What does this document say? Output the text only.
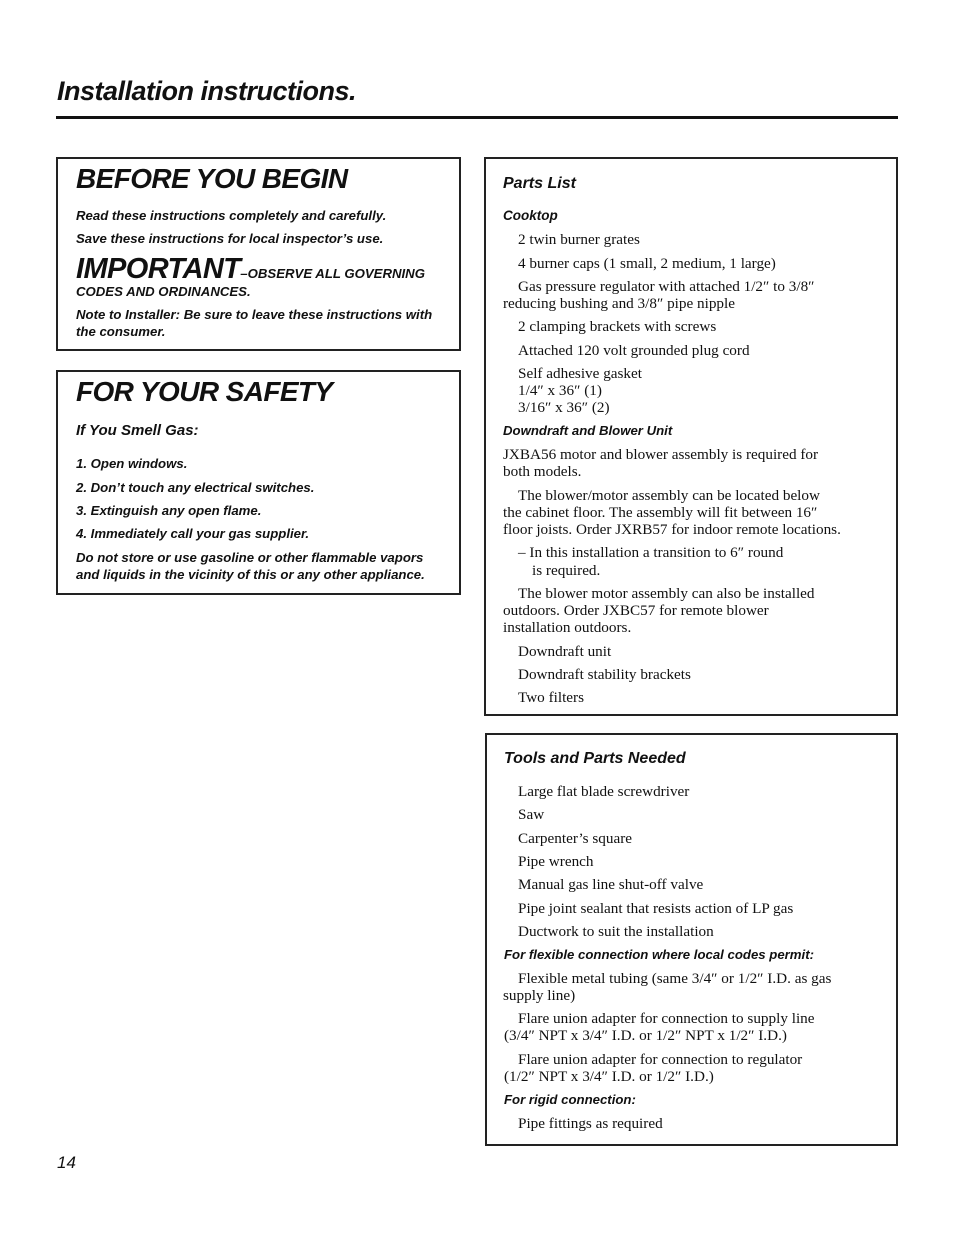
Installation instructions.
BEFORE YOU BEGIN

Read these instructions completely and carefully.

Save these instructions for local inspector’s use.

IMPORTANT–OBSERVE ALL GOVERNING

CODES AND ORDINANCES.

Note to Installer: Be sure to leave these instructions with the consumer.

FOR YOUR SAFETY

If You Smell Gas:

1. Open windows.

2. Don’t touch any electrical switches.

3. Extinguish any open flame.

4. Immediately call your gas supplier.

Do not store or use gasoline or other flammable vapors and liquids in the vicinity of this or any other appliance.

Parts List

Cooktop

2 twin burner grates

4 burner caps (1 small, 2 medium, 1 large)

Gas pressure regulator with attached 1/2″ to 3/8″

reducing bushing and 3/8″ pipe nipple

2 clamping brackets with screws

Attached 120 volt grounded plug cord

Self adhesive gasket

1/4″ x 36″ (1)

3/16″ x 36″ (2)

Downdraft and Blower Unit

JXBA56 motor and blower assembly is required for

both models.

The blower/motor assembly can be located below

the cabinet floor. The assembly will fit between 16″

floor joists. Order JXRB57 for indoor remote locations.

– In this installation a transition to 6″ round

is required.

The blower motor assembly can also be installed

outdoors. Order JXBC57 for remote blower

installation outdoors.

Downdraft unit

Downdraft stability brackets

Two filters

Tools and Parts Needed

Large flat blade screwdriver

Saw

Carpenter’s square

Pipe wrench

Manual gas line shut-off valve

Pipe joint sealant that resists action of LP gas

Ductwork to suit the installation

For flexible connection where local codes permit:

Flexible metal tubing (same 3/4″ or 1/2″ I.D. as gas

supply line)

Flare union adapter for connection to supply line

(3/4″ NPT x 3/4″ I.D. or 1/2″ NPT x 1/2″ I.D.)

Flare union adapter for connection to regulator

(1/2″ NPT x 3/4″ I.D. or 1/2″ I.D.)

For rigid connection:

Pipe fittings as required

14
